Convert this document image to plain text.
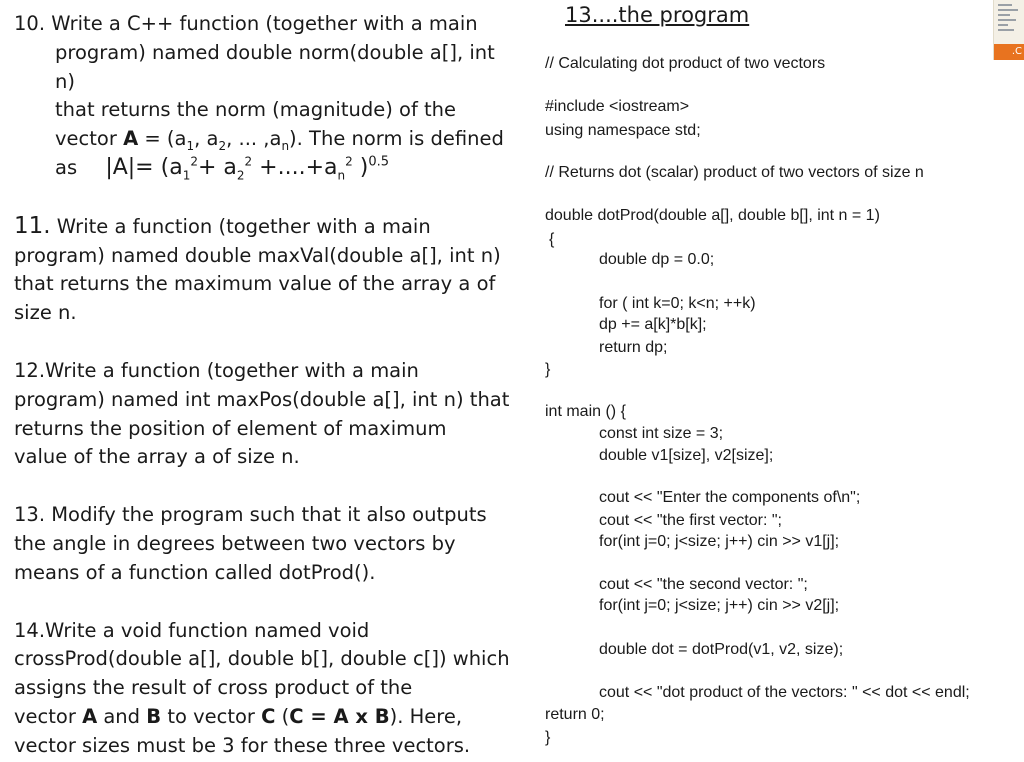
10. Write a C++ function (together with a main
program) named double norm(double a[], int n)
that returns the norm (magnitude) of the
vector $A = (a_1$, $a_2$, ... $,a_n$). The norm is defined
as $|A|= (a_1^2+ a_2^2 +....+a_n^2$ )$^{0.5}$
11. Write a function (together with a main
program) named double maxVal(double a[], int n)
that returns the maximum value of the array a of
size n.
12.Write a function (together with a main
program) named int maxPos(double a[], int n) that
returns the position of element of maximum
value of the array a of size n.
13. Modify the program such that it also outputs
the angle in degrees between two vectors by
means of a function called dotProd().
14.Write a void function named void
crossProd(double a[], double b[], double c[]) which
assigns the result of cross product of the
vector A and B to vector C (C = A x B). Here,
vector sizes must be 3 for these three vectors.
13....the program
// Calculating dot product of two vectors
#include <iostream>
using namespace std;
// Returns dot (scalar) product of two vectors of size n
double dotProd(double a[], double b[], int n = 1)
{
double dp = 0.0;
for ( int k=0; k<n; ++k)
dp += a[k]*b[k];
return dp;
}
int main () {
const int size = 3;
double v1[size], v2[size];
cout << "Enter the components of\n";
cout << "the first vector: ";
for(int j=0; j<size; j++) cin >> v1[j];
cout << "the second vector: ";
for(int j=0; j<size; j++) cin >> v2[j];
double dot = dotProd(v1, v2, size);
cout << "dot product of the vectors: " << dot << endl;
return 0;
}
.C
